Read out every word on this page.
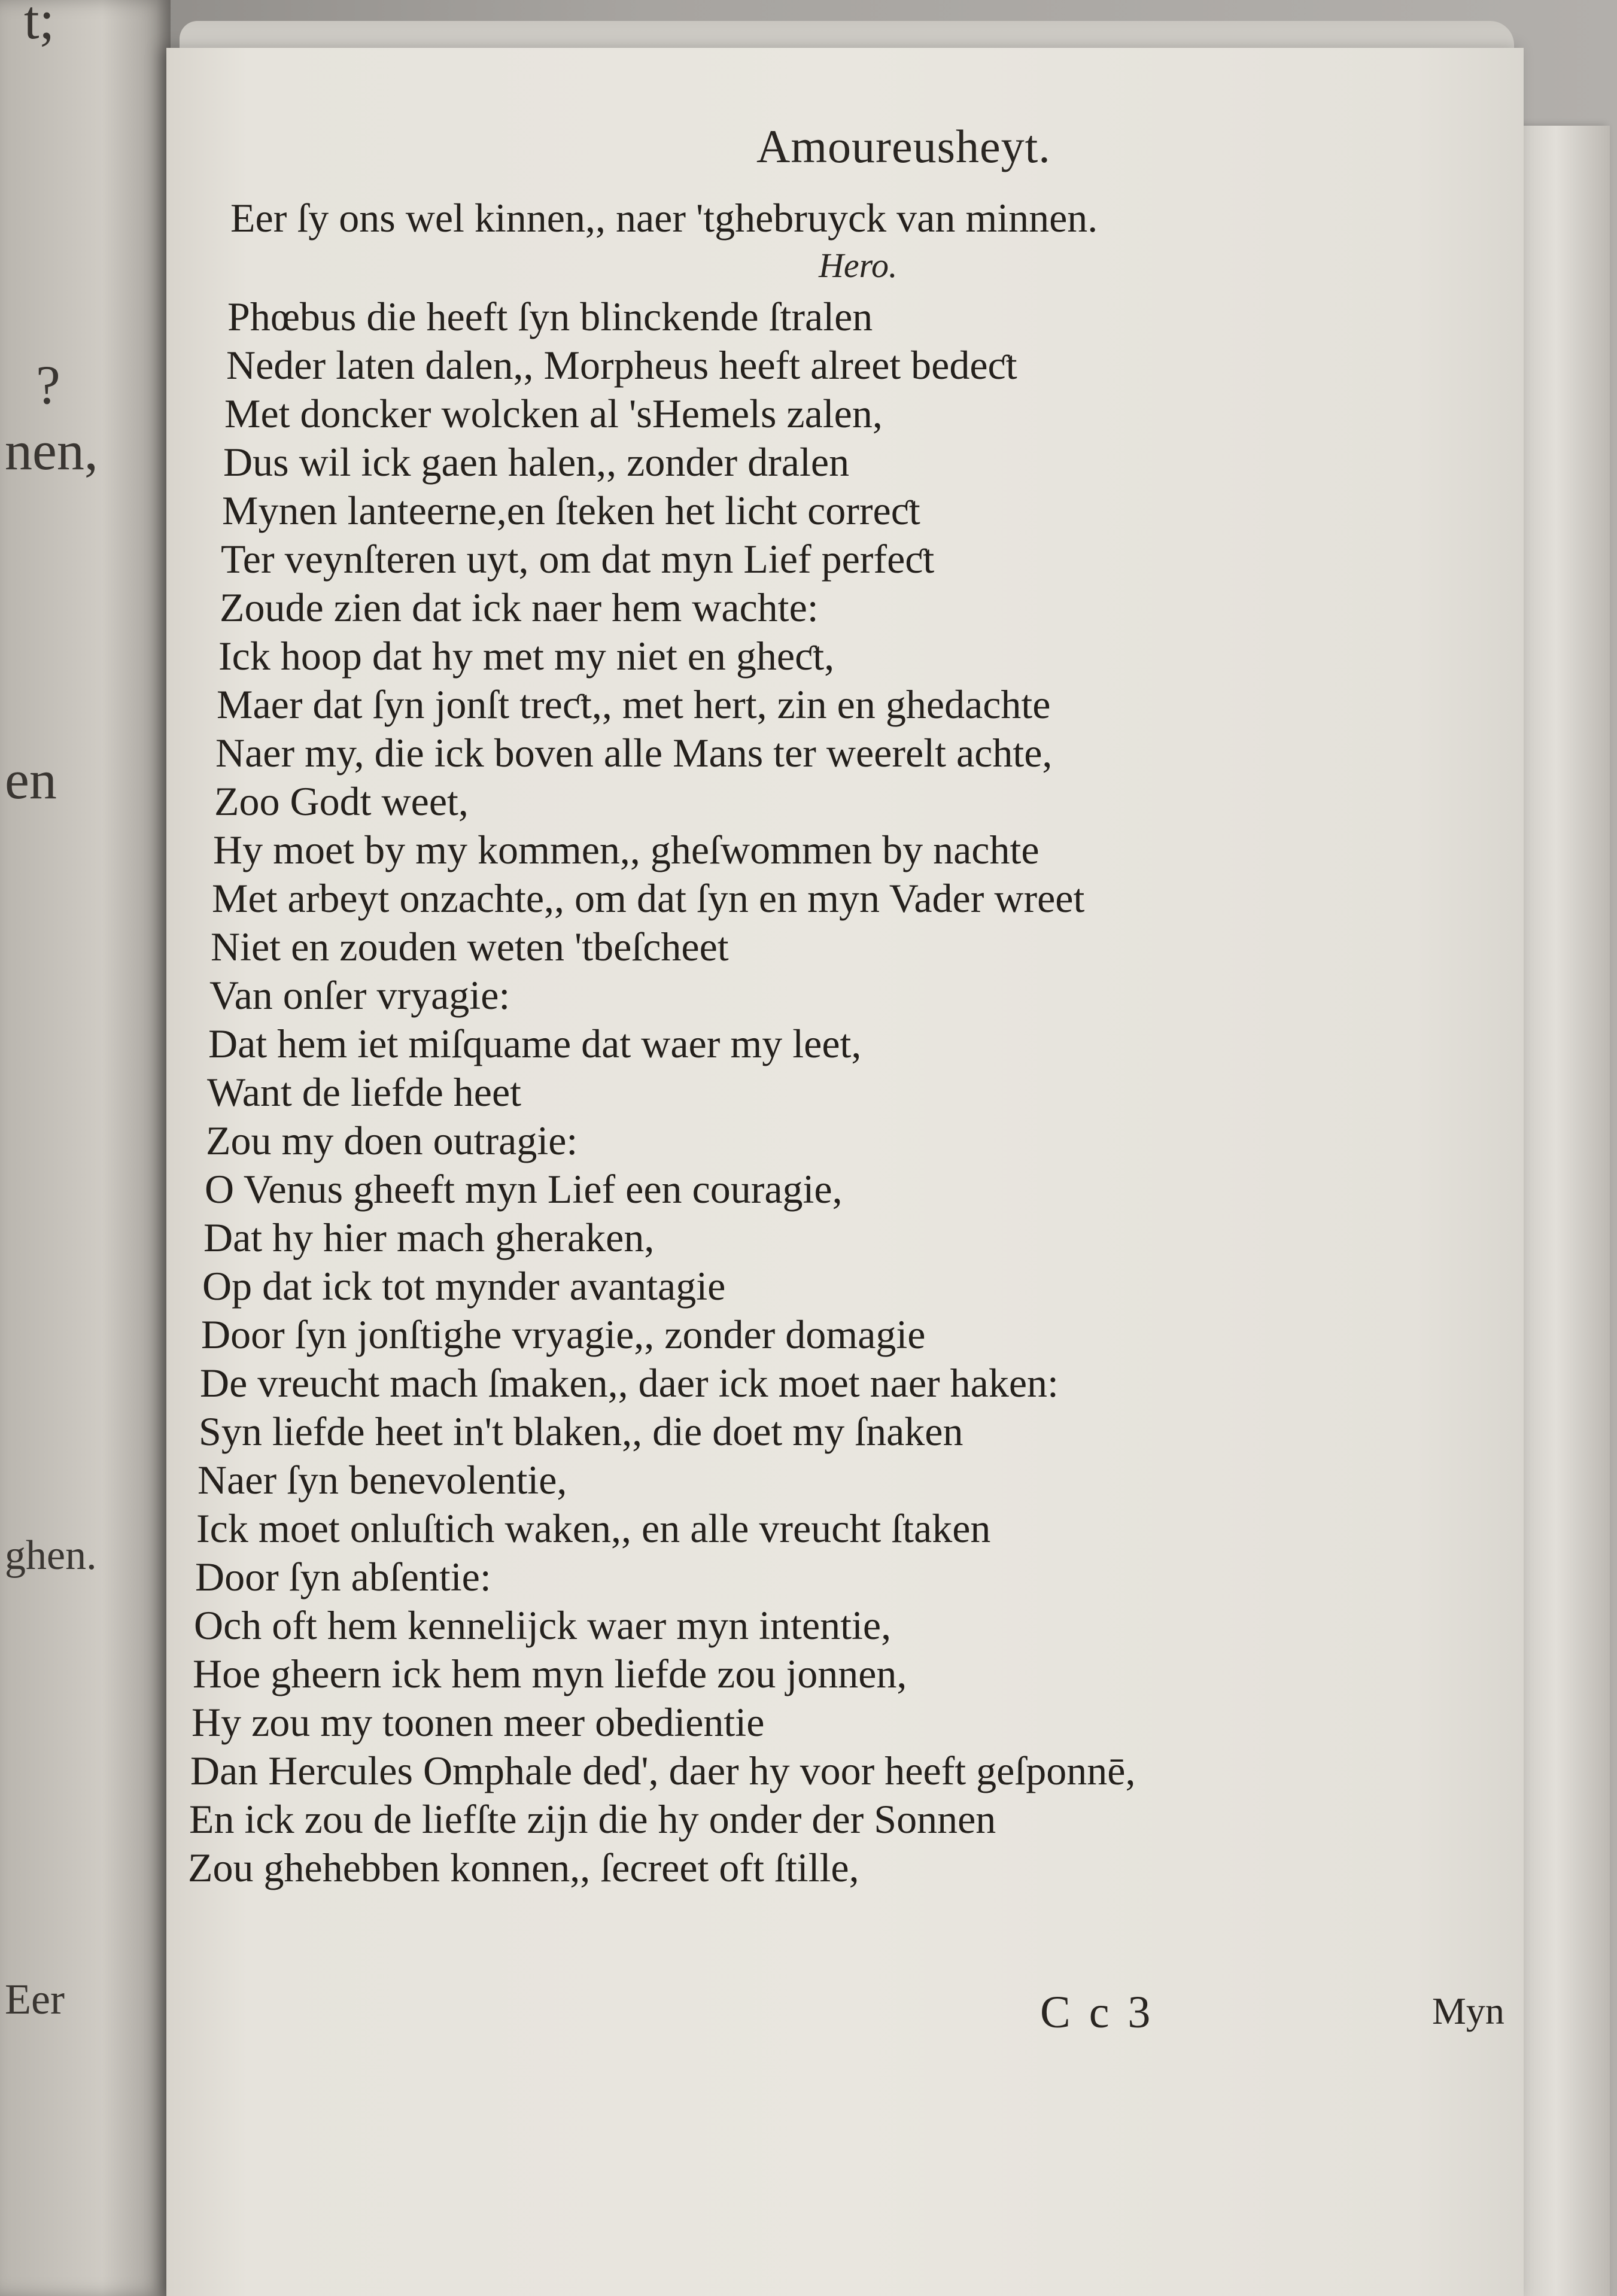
t;
?
nen,
en
ghen.
Eer
Amoureusheyt.
Hero.
Eer ſy ons wel kinnen,, naer 'tghebruyck van minnen.
Phœbus die heeft ſyn blinckende ſtralen
Neder laten dalen,, Morpheus heeft alreet bedeƈt
Met doncker wolcken al 'sHemels zalen,
Dus wil ick gaen halen,, zonder dralen
Mynen lanteerne,en ſteken het licht correƈt
Ter veynſteren uyt, om dat myn Lief perfeƈt
Zoude zien dat ick naer hem wachte:
Ick hoop dat hy met my niet en gheƈt,
Maer dat ſyn jonſt treƈt,, met hert, zin en ghedachte
Naer my, die ick boven alle Mans ter weerelt achte,
Zoo Godt weet,
Hy moet by my kommen,, gheſwommen by nachte
Met arbeyt onzachte,, om dat ſyn en myn Vader wreet
Niet en zouden weten 'tbeſcheet
Van onſer vryagie:
Dat hem iet miſquame dat waer my leet,
Want de liefde heet
Zou my doen outragie:
O Venus gheeft myn Lief een couragie,
Dat hy hier mach gheraken,
Op dat ick tot mynder avantagie
Door ſyn jonſtighe vryagie,, zonder domagie
De vreucht mach ſmaken,, daer ick moet naer haken:
Syn liefde heet in't blaken,, die doet my ſnaken
Naer ſyn benevolentie,
Ick moet onluſtich waken,, en alle vreucht ſtaken
Door ſyn abſentie:
Och oft hem kennelijck waer myn intentie,
Hoe gheern ick hem myn liefde zou jonnen,
Hy zou my toonen meer obedientie
Dan Hercules Omphale ded', daer hy voor heeft geſponnē,
En ick zou de liefſte zijn die hy onder der Sonnen
Zou ghehebben konnen,, ſecreet oft ſtille,
C c 3	Myn
